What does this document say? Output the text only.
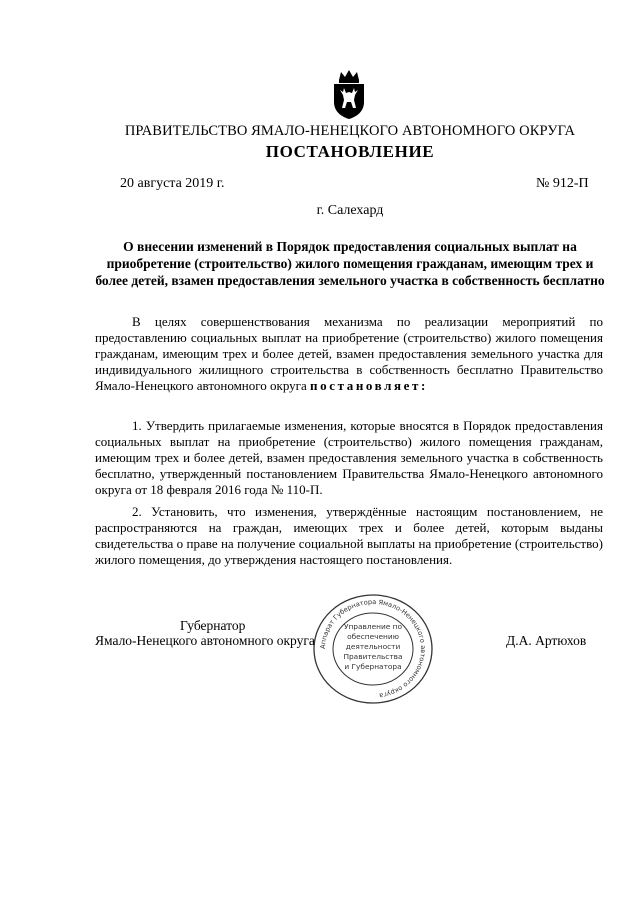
ПРАВИТЕЛЬСТВО ЯМАЛО-НЕНЕЦКОГО АВТОНОМНОГО ОКРУГА
ПОСТАНОВЛЕНИЕ
20 августа 2019 г.	№ 912-П
г. Салехард
О внесении изменений в Порядок предоставления социальных выплат на приобретение (строительство) жилого помещения гражданам, имеющим трех и более детей, взамен предоставления земельного участка в собственность бесплатно
В целях совершенствования механизма по реализации мероприятий по предоставлению социальных выплат на приобретение (строительство) жилого помещения гражданам, имеющим трех и более детей, взамен предоставления земельного участка для индивидуального жилищного строительства в собственность бесплатно Правительство Ямало-Ненецкого автономного округа постановляет:
1. Утвердить прилагаемые изменения, которые вносятся в Порядок предоставления социальных выплат на приобретение (строительство) жилого помещения гражданам, имеющим трех и более детей, взамен предоставления земельного участка в собственность бесплатно, утвержденный постановлением Правительства Ямало-Ненецкого автономного округа от 18 февраля 2016 года № 110-П.
2. Установить, что изменения, утверждённые настоящим постановлением, не распространяются на граждан, имеющих трех и более детей, которым выданы свидетельства о праве на получение социальной выплаты на приобретение (строительство) жилого помещения, до утверждения настоящего постановления.
Аппарат Губернатора Ямало-Ненецкого автономного округа
Управление по
обеспечению
деятельности
Правительства
и Губернатора
Губернатор
Ямало-Ненецкого автономного округа	Д.А. Артюхов
